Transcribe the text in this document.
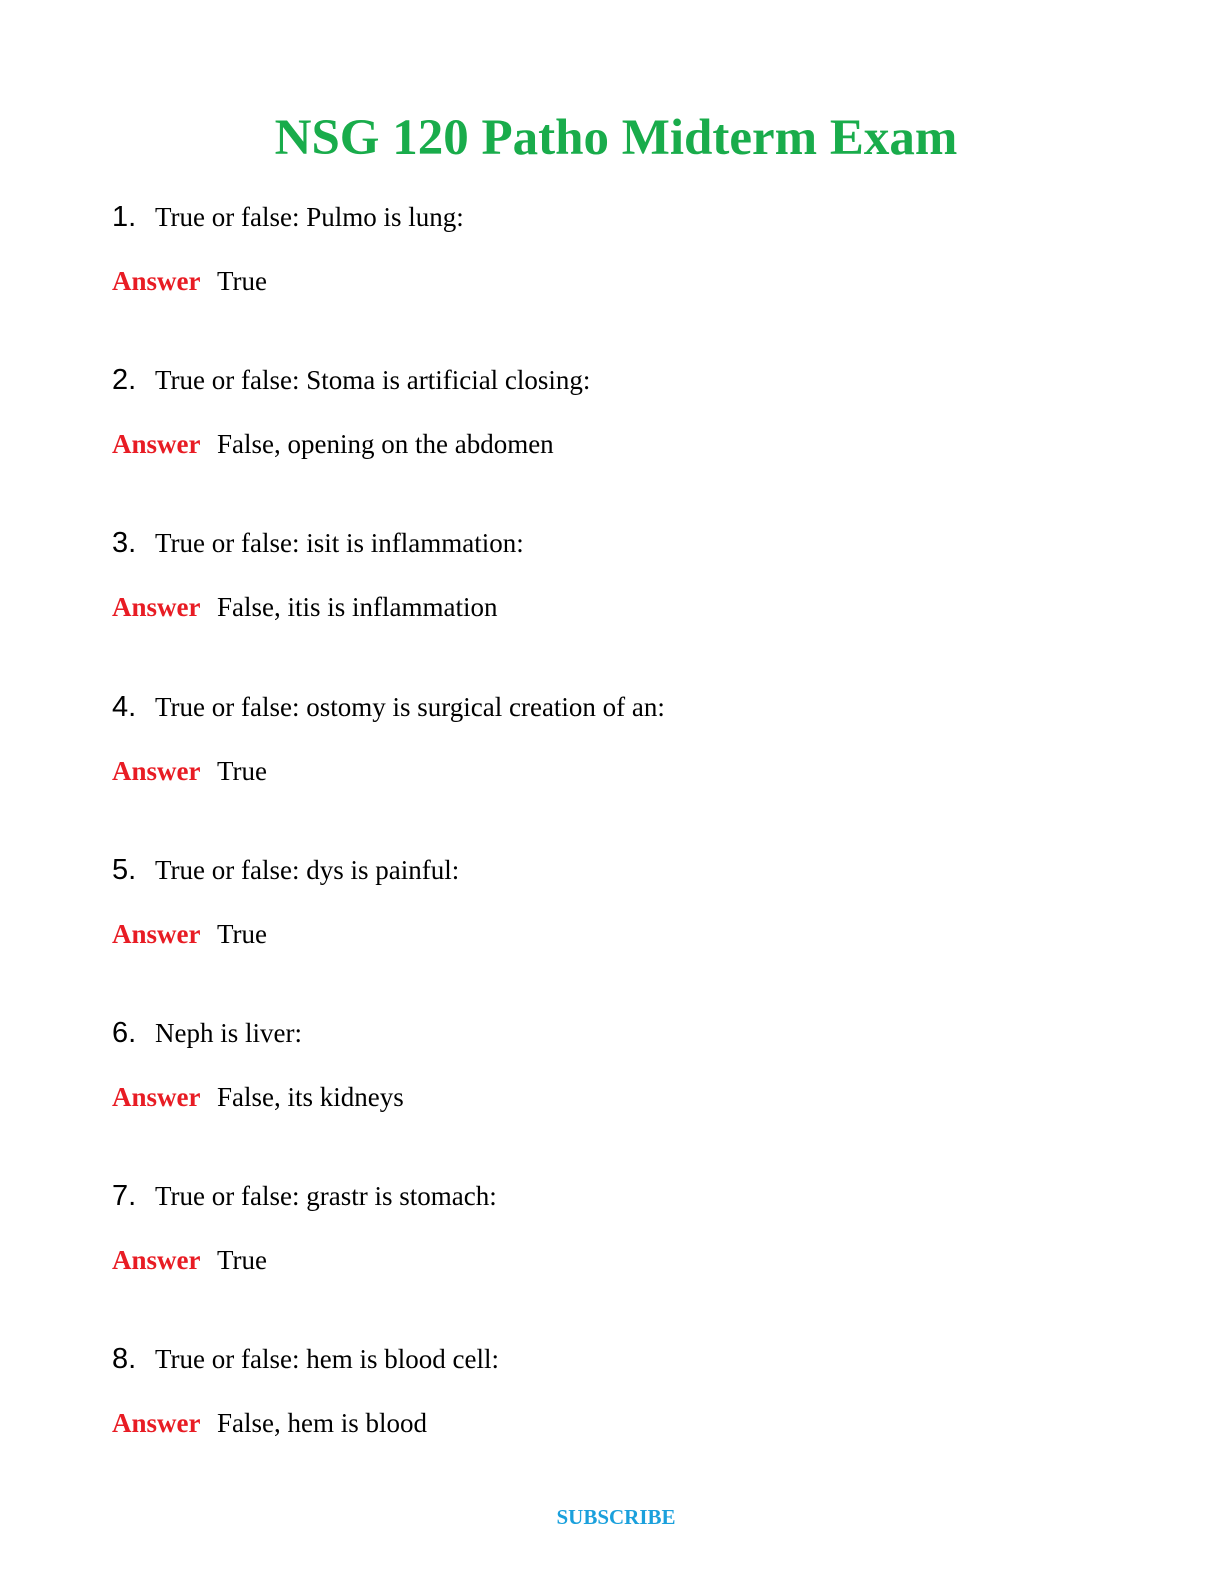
NSG 120 Patho Midterm Exam
1. True or false: Pulmo is lung:
Answer True
2. True or false: Stoma is artificial closing:
Answer False, opening on the abdomen
3. True or false: isit is inflammation:
Answer False, itis is inflammation
4. True or false: ostomy is surgical creation of an:
Answer True
5. True or false: dys is painful:
Answer True
6. Neph is liver:
Answer False, its kidneys
7. True or false: grastr is stomach:
Answer True
8. True or false: hem is blood cell:
Answer False, hem is blood
SUBSCRIBE
